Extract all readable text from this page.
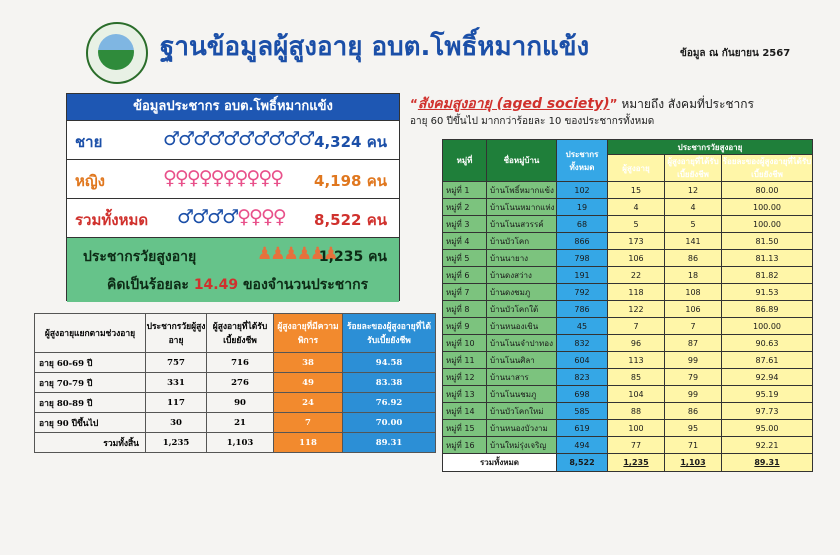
ฐานข้อมูลผู้สูงอายุ อบต.โพธิ์หมากแข้ง	ข้อมูล ณ กันยายน 2567
ข้อมูลประชากร อบต.โพธิ์หมากแข้ง
ชาย	♂♂♂♂♂♂♂♂♂♂ 4,324 คน
หญิง	♀♀♀♀♀♀♀♀♀♀ 4,198 คน
รวมทั้งหมด ♂♂♂♂♀♀♀♀ 8,522 คน
ประชากรวัยสูงอายุ	♟♟♟♟♟♟
1,235 คน
คิดเป็นร้อยละ 14.49 ของจำนวนประชากร
ผู้สูงอายุแยกตามช่วงอายุ	ประชากรวัยผู้สูงอายุ	ผู้สูงอายุที่ได้รับเบี้ยยังชีพ	ผู้สูงอายุที่มีความพิการ	ร้อยละของผู้สูงอายุที่ได้รับเบี้ยยังชีพ
อายุ 60-69 ปี	757	716	38	94.58
อายุ 70-79 ปี	331	276	49	83.38
อายุ 80-89 ปี	117	90	24	76.92
อายุ 90 ปีขึ้นไป	30	21	7	70.00
รวมทั้งสิ้น	1,235	1,103	118	89.31
“สังคมสูงอายุ (aged society)” หมายถึง สังคมที่ประชากร
อายุ 60 ปีขึ้นไป มากกว่าร้อยละ 10 ของประชากรทั้งหมด
หมู่ที่	ชื่อหมู่บ้าน	ประชากรทั้งหมด	ประชากรวัยสูงอายุ		
			ผู้สูงอายุ	ผู้สูงอายุที่ได้รับเบี้ยยังชีพ	ร้อยละของผู้สูงอายุที่ได้รับเบี้ยยังชีพ
หมู่ที่ 1	บ้านโพธิ์หมากแข้ง	102	15	12	80.00
หมู่ที่ 2	บ้านโนนหมากแห่ง	19	4	4	100.00
หมู่ที่ 3	บ้านโนนสวรรค์	68	5	5	100.00
หมู่ที่ 4	บ้านบัวโคก	866	173	141	81.50
หมู่ที่ 5	บ้านนายาง	798	106	86	81.13
หมู่ที่ 6	บ้านดงสว่าง	191	22	18	81.82
หมู่ที่ 7	บ้านดงชมภู	792	118	108	91.53
หมู่ที่ 8	บ้านบัวโคกใต้	786	122	106	86.89
หมู่ที่ 9	บ้านหนองเขิน	45	7	7	100.00
หมู่ที่ 10	บ้านโนนจำปาทอง	832	96	87	90.63
หมู่ที่ 11	บ้านโนนศิลา	604	113	99	87.61
หมู่ที่ 12	บ้านนาสาร	823	85	79	92.94
หมู่ที่ 13	บ้านโนนชมภู	698	104	99	95.19
หมู่ที่ 14	บ้านบัวโคกใหม่	585	88	86	97.73
หมู่ที่ 15	บ้านหนองบัวงาม	619	100	95	95.00
หมู่ที่ 16	บ้านใหม่รุ่งเจริญ	494	77	71	92.21
รวมทั้งหมด		8,522	1,235	1,103	89.31
